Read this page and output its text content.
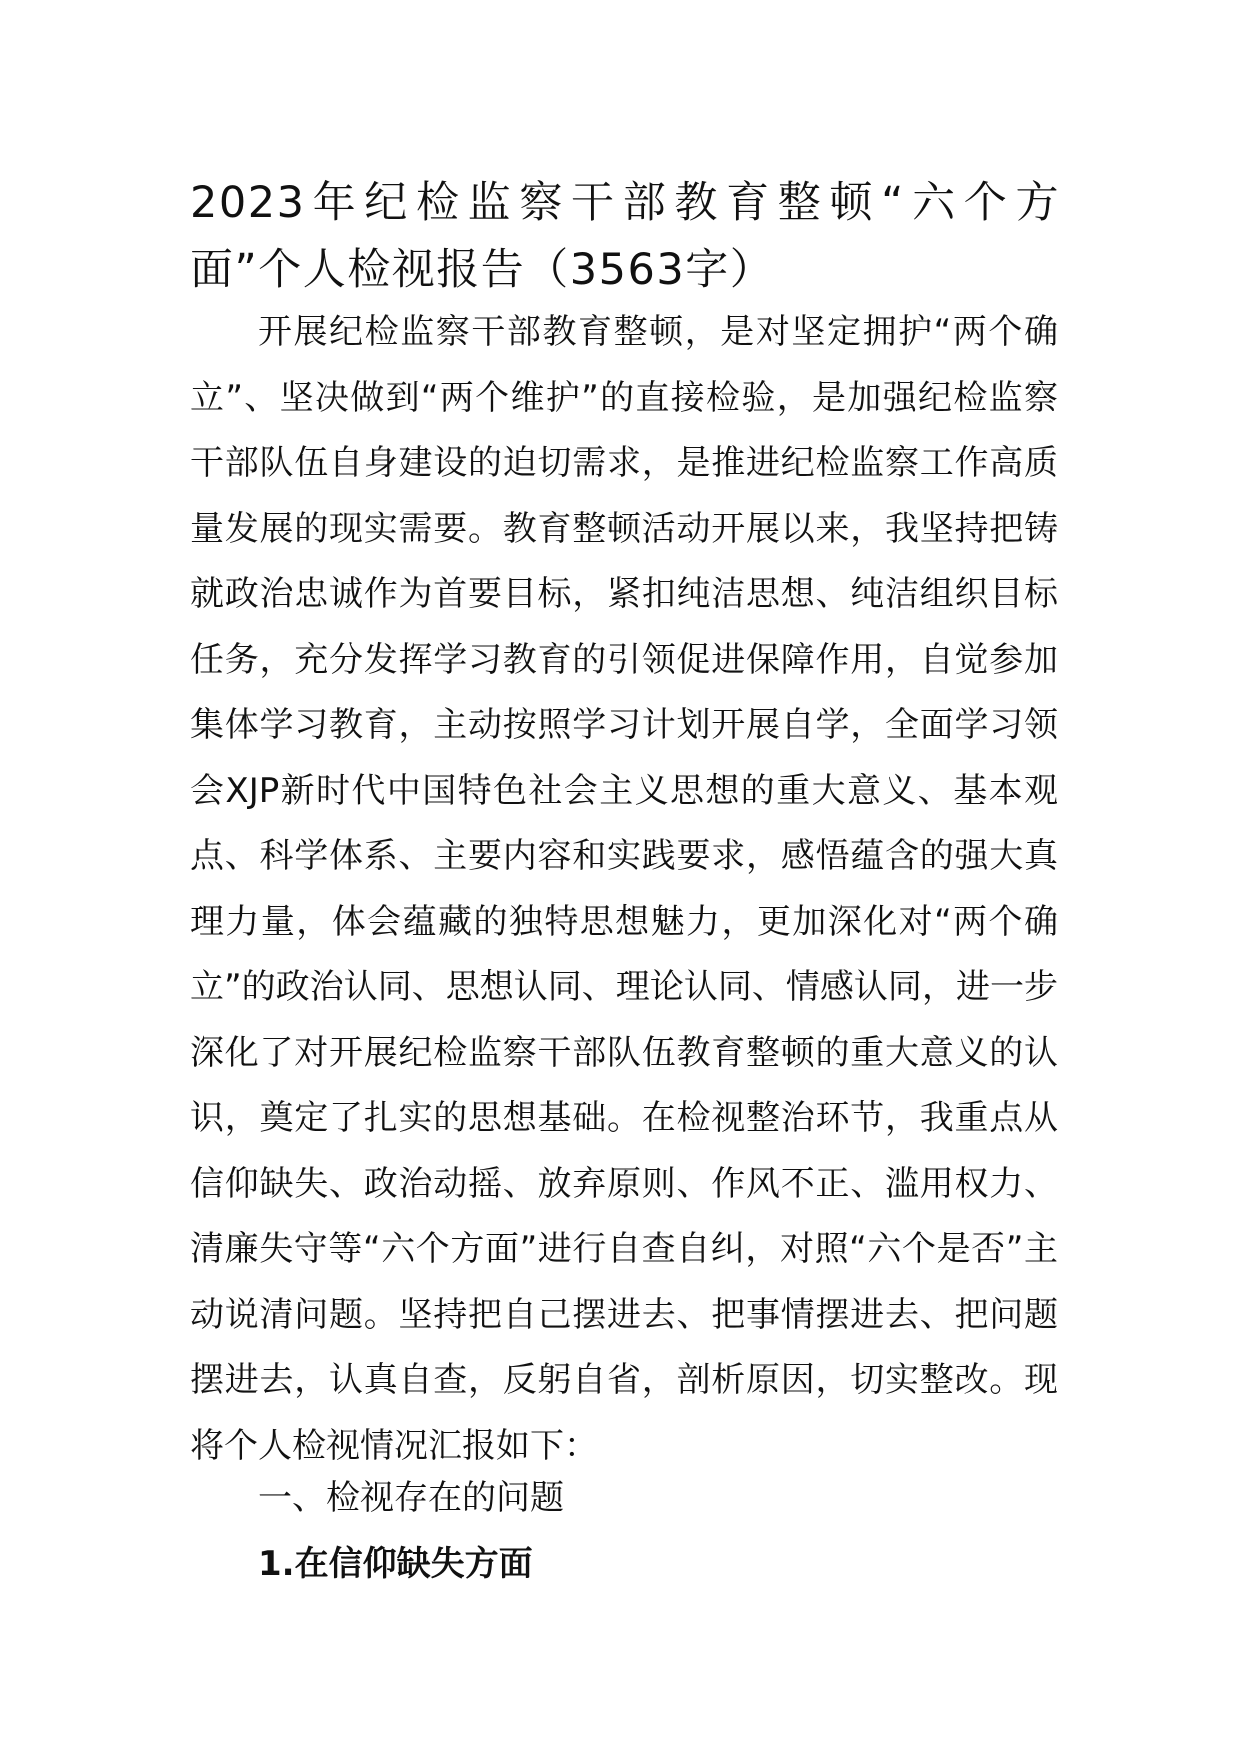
2023年纪检监察干部教育整顿“六个方面”个人检视报告（3563字）

开展纪检监察干部教育整顿，是对坚定拥护“两个确立”、坚决做到“两个维护”的直接检验，是加强纪检监察干部队伍自身建设的迫切需求，是推进纪检监察工作高质量发展的现实需要。教育整顿活动开展以来，我坚持把铸就政治忠诚作为首要目标，紧扣纯洁思想、纯洁组织目标任务，充分发挥学习教育的引领促进保障作用，自觉参加集体学习教育，主动按照学习计划开展自学，全面学习领会XJP新时代中国特色社会主义思想的重大意义、基本观点、科学体系、主要内容和实践要求，感悟蕴含的强大真理力量，体会蕴藏的独特思想魅力，更加深化对“两个确立”的政治认同、思想认同、理论认同、情感认同，进一步深化了对开展纪检监察干部队伍教育整顿的重大意义的认识，奠定了扎实的思想基础。在检视整治环节，我重点从信仰缺失、政治动摇、放弃原则、作风不正、滥用权力、清廉失守等“六个方面”进行自查自纠，对照“六个是否”主动说清问题。坚持把自己摆进去、把事情摆进去、把问题摆进去，认真自查，反躬自省，剖析原因，切实整改。现将个人检视情况汇报如下：

一、检视存在的问题
1.在信仰缺失方面
